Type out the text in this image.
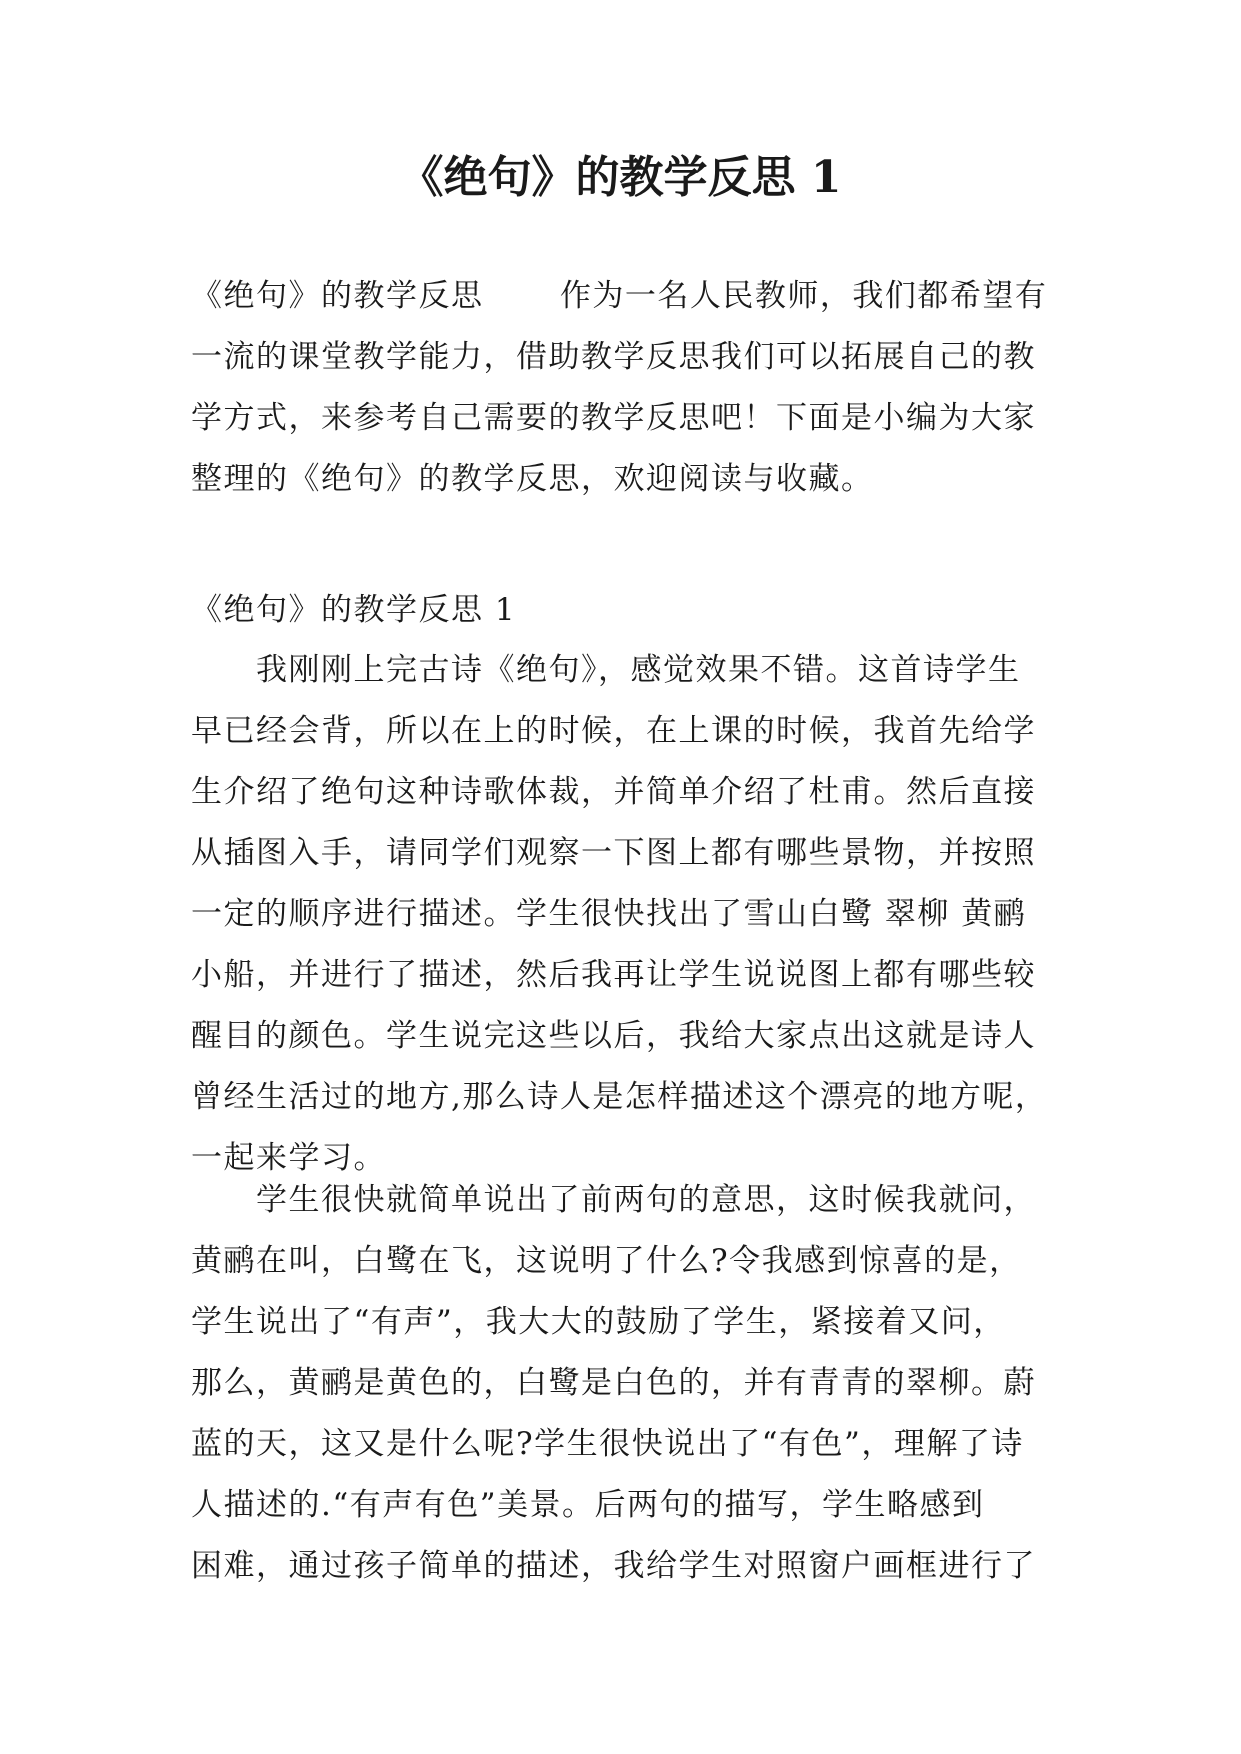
《绝句》的教学反思 1
《绝句》的教学反思　　 作为一名人民教师，我们都希望有
一流的课堂教学能力，借助教学反思我们可以拓展自己的教
学方式，来参考自己需要的教学反思吧！下面是小编为大家
整理的《绝句》的教学反思，欢迎阅读与收藏。
《绝句》的教学反思 1
　　我刚刚上完古诗《绝句》，感觉效果不错。这首诗学生
早已经会背，所以在上的时候，在上课的时候，我首先给学
生介绍了绝句这种诗歌体裁，并简单介绍了杜甫。然后直接
从插图入手，请同学们观察一下图上都有哪些景物，并按照
一定的顺序进行描述。学生很快找出了雪山白鹭 翠柳 黄鹂
小船，并进行了描述，然后我再让学生说说图上都有哪些较
醒目的颜色。学生说完这些以后，我给大家点出这就是诗人
曾经生活过的地方,那么诗人是怎样描述这个漂亮的地方呢，
一起来学习。
　　学生很快就简单说出了前两句的意思，这时候我就问，
黄鹂在叫，白鹭在飞，这说明了什么?令我感到惊喜的是，
学生说出了“有声”，我大大的鼓励了学生，紧接着又问，
那么，黄鹂是黄色的，白鹭是白色的，并有青青的翠柳。蔚
蓝的天，这又是什么呢?学生很快说出了“有色”，理解了诗
人描述的.“有声有色”美景。后两句的描写，学生略感到
困难，通过孩子简单的描述，我给学生对照窗户画框进行了
